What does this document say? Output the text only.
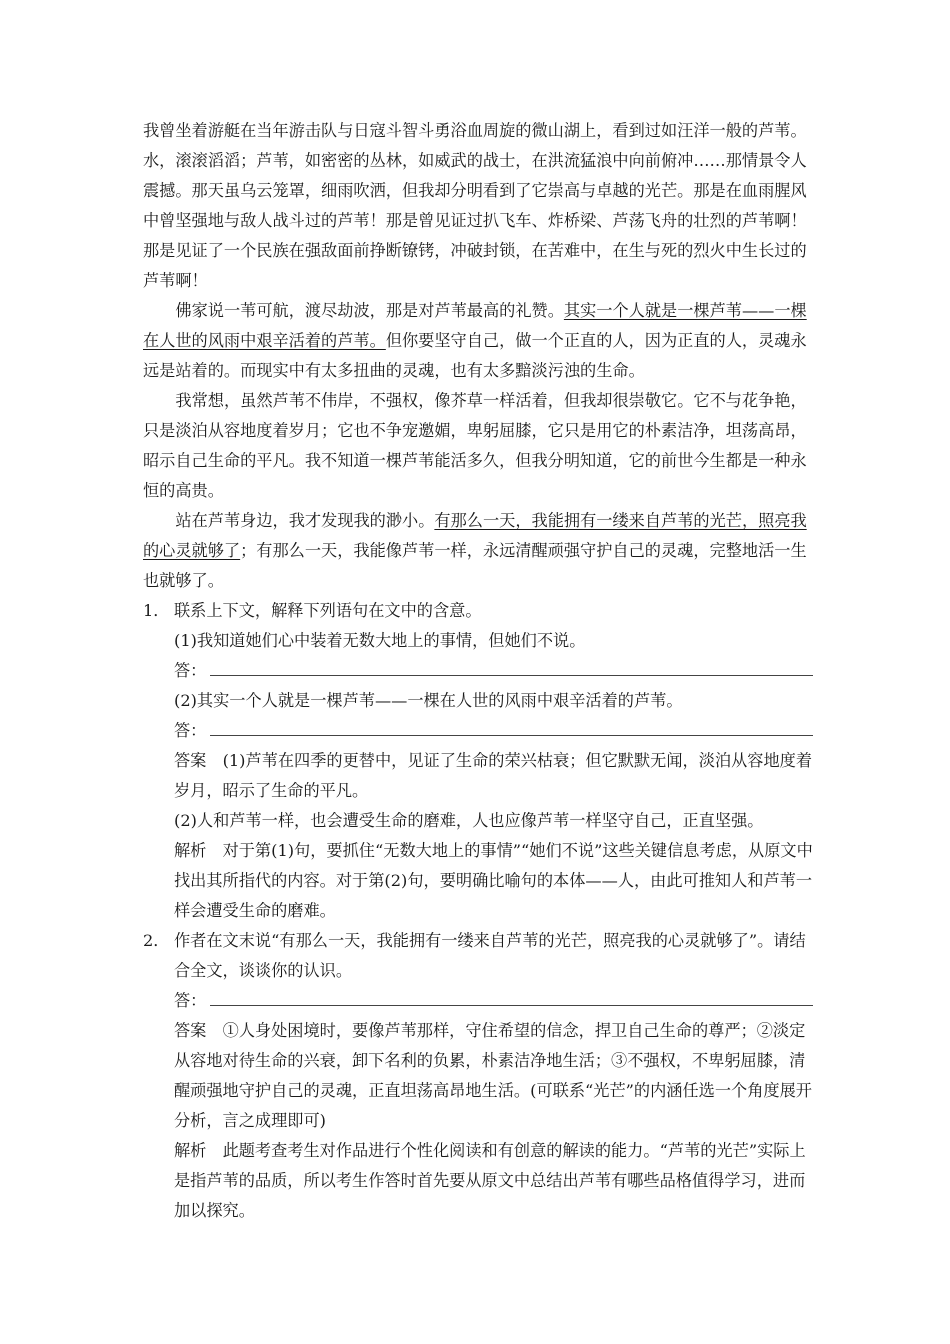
我曾坐着游艇在当年游击队与日寇斗智斗勇浴血周旋的微山湖上，看到过如汪洋一般的芦苇。水，滚滚滔滔；芦苇，如密密的丛林，如威武的战士，在洪流猛浪中向前俯冲……那情景令人震撼。那天虽乌云笼罩，细雨吹洒，但我却分明看到了它崇高与卓越的光芒。那是在血雨腥风中曾坚强地与敌人战斗过的芦苇！那是曾见证过扒飞车、炸桥梁、芦荡飞舟的壮烈的芦苇啊！那是见证了一个民族在强敌面前挣断镣铐，冲破封锁，在苦难中，在生与死的烈火中生长过的芦苇啊！

佛家说一苇可航，渡尽劫波，那是对芦苇最高的礼赞。其实一个人就是一棵芦苇——一棵在人世的风雨中艰辛活着的芦苇。但你要坚守自己，做一个正直的人，因为正直的人，灵魂永远是站着的。而现实中有太多扭曲的灵魂，也有太多黯淡污浊的生命。

我常想，虽然芦苇不伟岸，不强权，像芥草一样活着，但我却很崇敬它。它不与花争艳，只是淡泊从容地度着岁月；它也不争宠邀媚，卑躬屈膝，它只是用它的朴素洁净，坦荡高昂，昭示自己生命的平凡。我不知道一棵芦苇能活多久，但我分明知道，它的前世今生都是一种永恒的高贵。

站在芦苇身边，我才发现我的渺小。有那么一天，我能拥有一缕来自芦苇的光芒，照亮我的心灵就够了；有那么一天，我能像芦苇一样，永远清醒顽强守护自己的灵魂，完整地活一生也就够了。

1． 联系上下文，解释下列语句在文中的含意。
(1)我知道她们心中装着无数大地上的事情，但她们不说。
答：
(2)其实一个人就是一棵芦苇——一棵在人世的风雨中艰辛活着的芦苇。
答：
答案 (1)芦苇在四季的更替中，见证了生命的荣兴枯衰；但它默默无闻，淡泊从容地度着岁月，昭示了生命的平凡。
(2)人和芦苇一样，也会遭受生命的磨难，人也应像芦苇一样坚守自己，正直坚强。
解析 对于第(1)句，要抓住“无数大地上的事情”“她们不说”这些关键信息考虑，从原文中找出其所指代的内容。对于第(2)句，要明确比喻句的本体——人，由此可推知人和芦苇一样会遭受生命的磨难。
2． 作者在文末说“有那么一天，我能拥有一缕来自芦苇的光芒，照亮我的心灵就够了”。请结合全文，谈谈你的认识。
答：
答案 ①人身处困境时，要像芦苇那样，守住希望的信念，捍卫自己生命的尊严；②淡定从容地对待生命的兴衰，卸下名利的负累，朴素洁净地生活；③不强权，不卑躬屈膝，清醒顽强地守护自己的灵魂，正直坦荡高昂地生活。(可联系“光芒”的内涵任选一个角度展开分析，言之成理即可)
解析 此题考查考生对作品进行个性化阅读和有创意的解读的能力。“芦苇的光芒”实际上是指芦苇的品质，所以考生作答时首先要从原文中总结出芦苇有哪些品格值得学习，进而加以探究。
